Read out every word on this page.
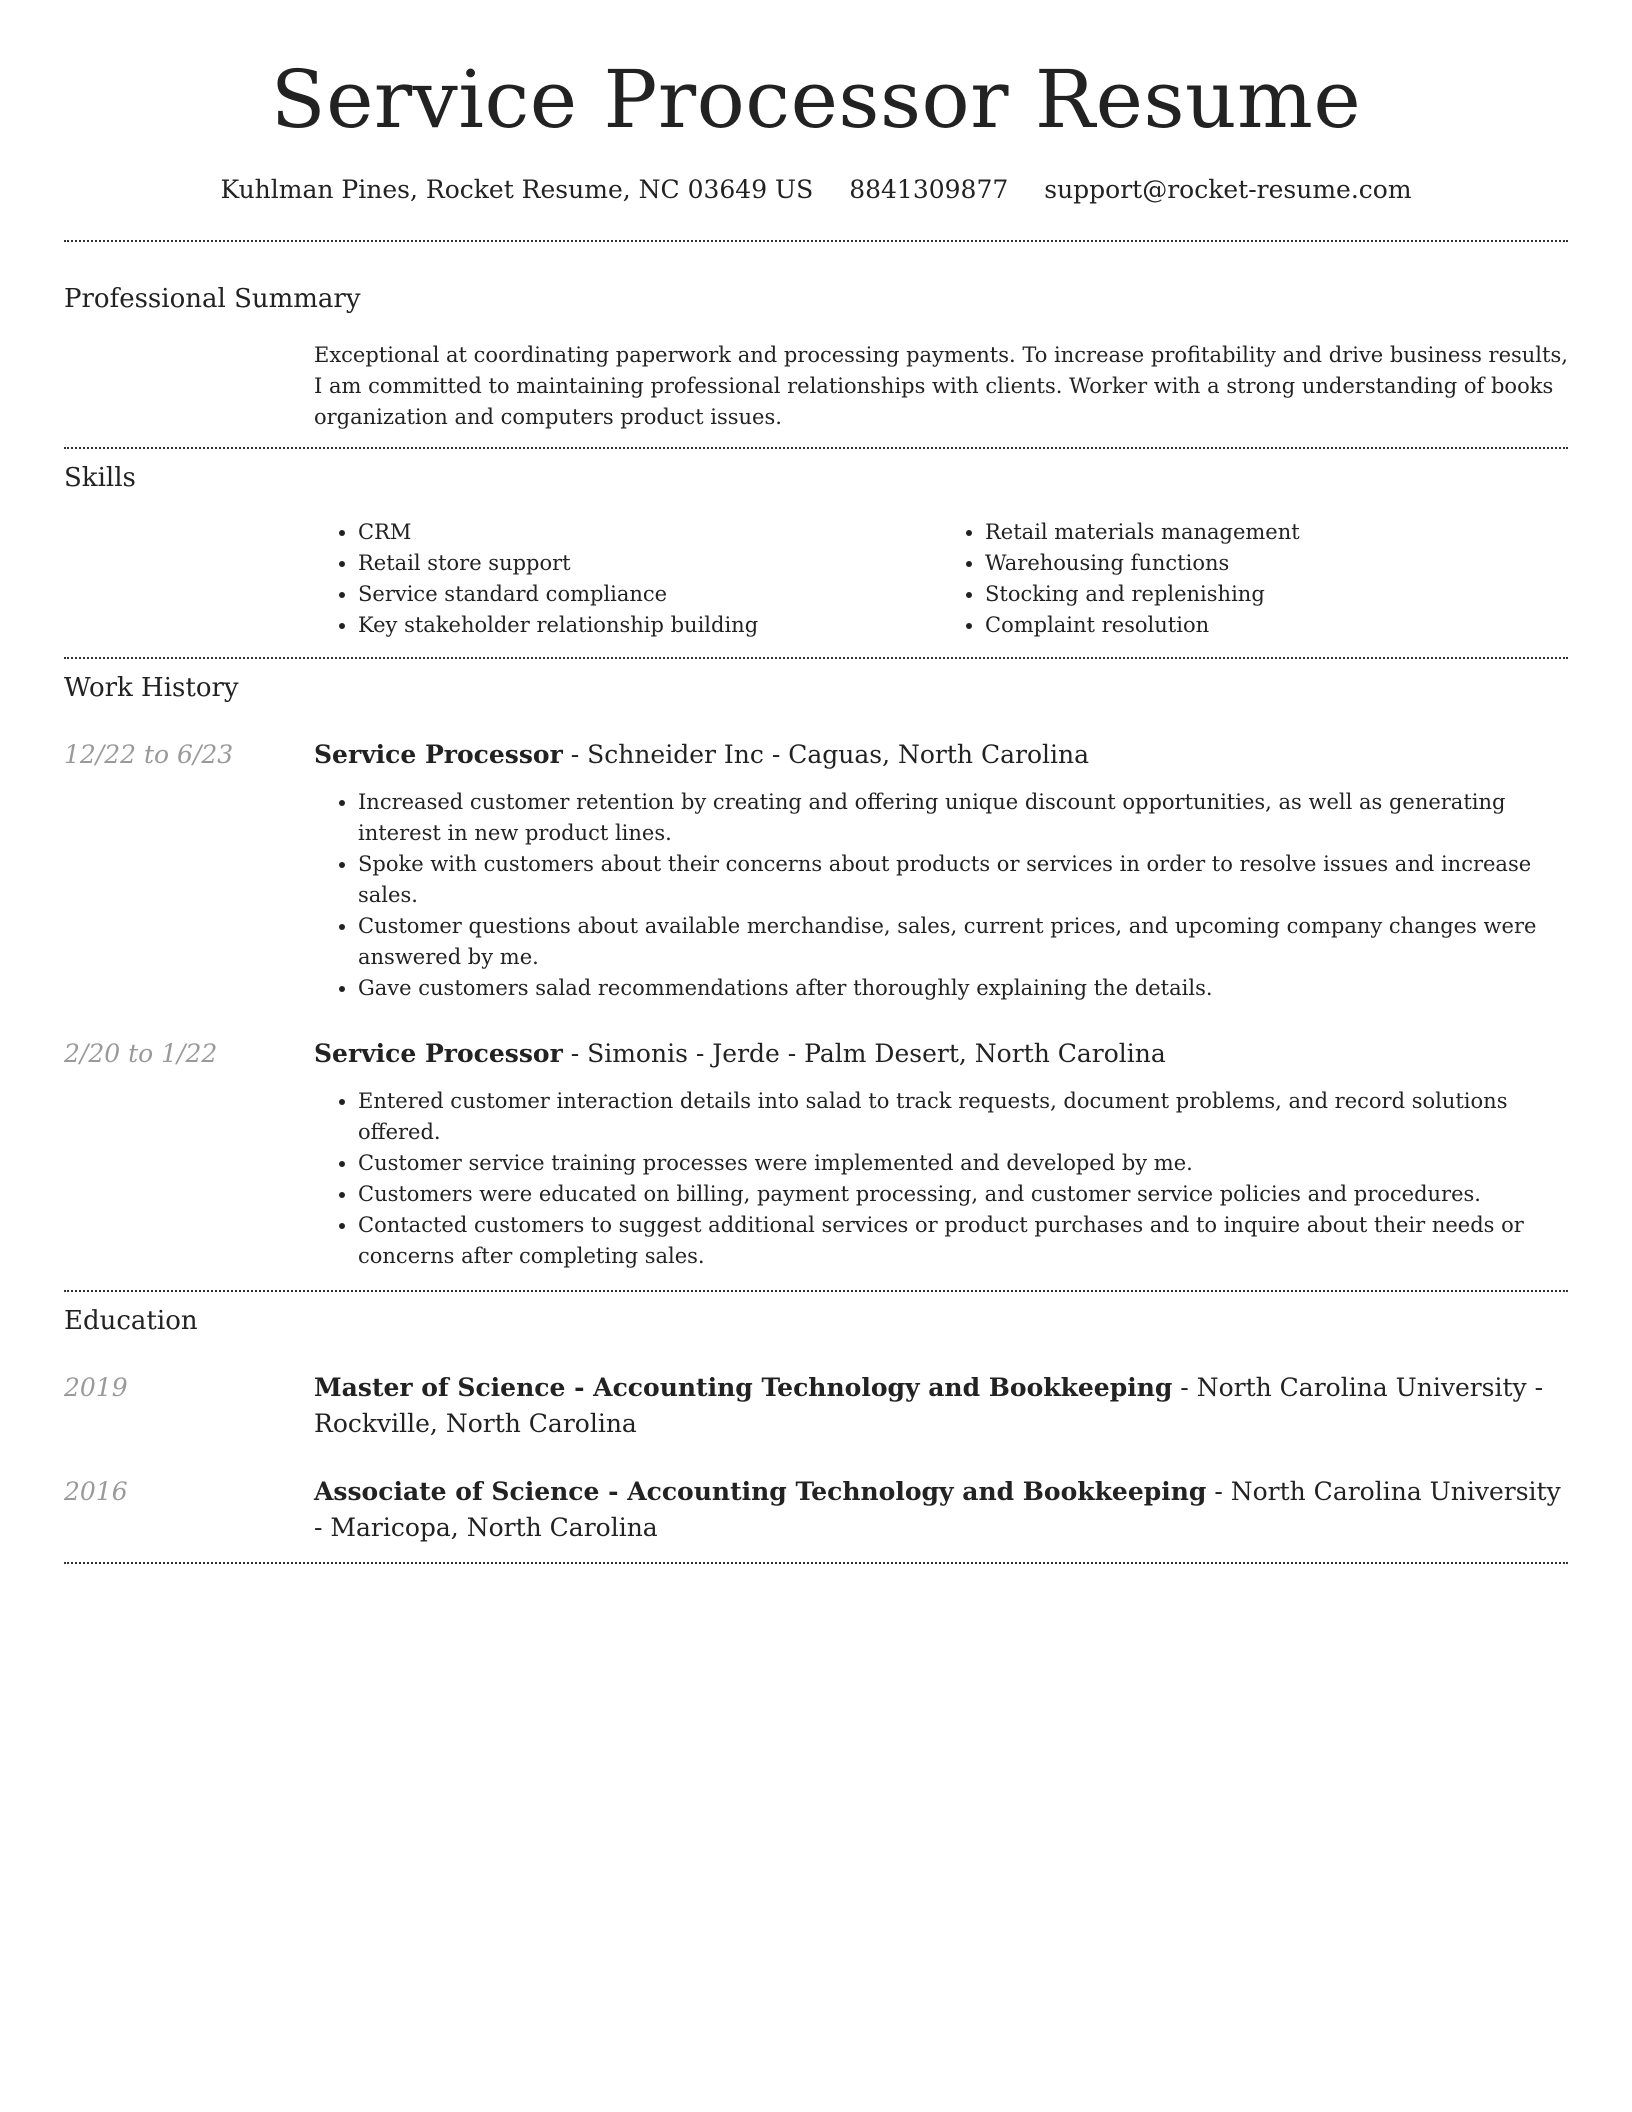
Service Processor Resume
Kuhlman Pines, Rocket Resume, NC 03649 US 8841309877 support@rocket-resume.com
Professional Summary
Exceptional at coordinating paperwork and processing payments. To increase profitability and drive business results, I am committed to maintaining professional relationships with clients. Worker with a strong understanding of books organization and computers product issues.
Skills
• CRM
• Retail store support
• Service standard compliance
• Key stakeholder relationship building
• Retail materials management
• Warehousing functions
• Stocking and replenishing
• Complaint resolution
Work History
12/22 to 6/23	Service Processor - Schneider Inc - Caguas, North Carolina
• Increased customer retention by creating and offering unique discount opportunities, as well as generating interest in new product lines.
• Spoke with customers about their concerns about products or services in order to resolve issues and increase sales.
• Customer questions about available merchandise, sales, current prices, and upcoming company changes were answered by me.
• Gave customers salad recommendations after thoroughly explaining the details.
2/20 to 1/22	Service Processor - Simonis - Jerde - Palm Desert, North Carolina
• Entered customer interaction details into salad to track requests, document problems, and record solutions offered.
• Customer service training processes were implemented and developed by me.
• Customers were educated on billing, payment processing, and customer service policies and procedures.
• Contacted customers to suggest additional services or product purchases and to inquire about their needs or concerns after completing sales.
Education
2019	Master of Science - Accounting Technology and Bookkeeping - North Carolina University - Rockville, North Carolina
2016	Associate of Science - Accounting Technology and Bookkeeping - North Carolina University - Maricopa, North Carolina
